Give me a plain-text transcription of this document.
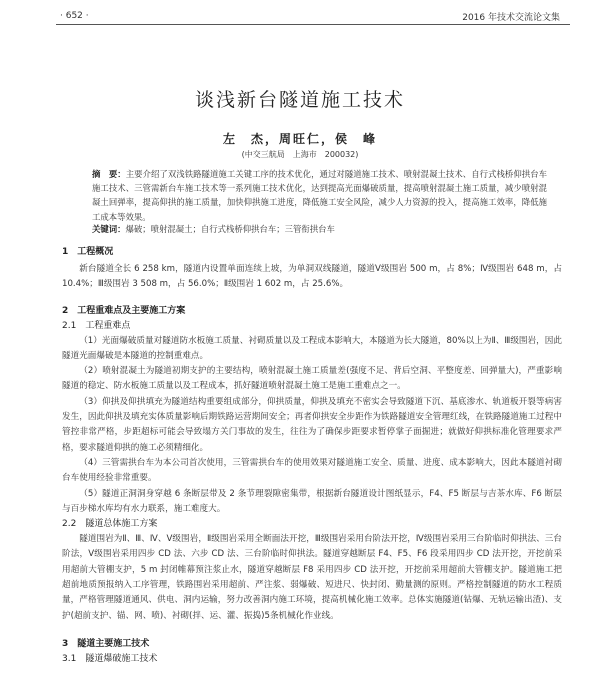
· 652 ·	2016 年技术交流论文集
谈浅新台隧道施工技术
左　杰，周旺仁，侯　峰
(中交三航局　上海市　200032)
摘　要：主要介绍了双浅铁路隧道施工关键工序的技术优化，通过对隧道施工技术、喷射混凝土技术、自行式栈桥仰拱台车施工技术、三管需新台车施工技术等一系列施工技术优化，达到提高光面爆破质量，提高喷射混凝土施工质量，减少喷射混凝土回弹率，提高仰拱的施工质量，加快仰拱施工进度，降低施工安全风险，减少人力资源的投入，提高施工效率，降低施工成本等效果。
关键词：爆破；喷射混凝土；自行式栈桥仰拱台车；三管衔拱台车
1　工程概况

新台隧道全长 6 258 km，隧道内设置单面连续上坡，为单洞双线隧道，隧道Ⅴ级围岩 500 m，占 8%；Ⅳ级围岩 648 m，占 10.4%；Ⅲ级围岩 3 508 m，占 56.0%；Ⅱ级围岩 1 602 m，占 25.6%。

2　工程重难点及主要施工方案
2.1　工程重难点

（1）光面爆破质量对隧道防水板施工质量、衬砌质量以及工程成本影响大，本隧道为长大隧道，80%以上为Ⅱ、Ⅲ级围岩，因此隧道光面爆破是本隧道的控制重难点。

（2）喷射混凝土为隧道初期支护的主要结构，喷射混凝土施工质量差(强度不足、背后空洞、平整度差、回弹量大)，严重影响隧道的稳定、防水板施工质量以及工程成本，抓好隧道喷射混凝土施工是施工重难点之一。

（3）仰拱及仰拱填充为隧道结构重要组成部分，仰拱质量，仰拱及填充不密实会导致隧道下沉、基底渗水、轨道板开裂等病害发生，因此仰拱及填充实体质量影响后期铁路运营期间安全；再者仰拱安全步距作为铁路隧道安全管理红线，在铁路隧道施工过程中管控非常严格，步距超标可能会导致塌方关门事故的发生，往往为了确保步距要求暂停掌子面掘进；就做好仰拱标准化管理要求严格，要求隧道仰拱的施工必须精细化。

（4）三管需拱台车为本公司首次使用，三管需拱台车的使用效果对隧道施工安全、质量、进度、成本影响大，因此本隧道衬砌台车使用经验非常重要。

（5）隧道正洞洞身穿越 6 条断层带及 2 条节理裂隙密集带，根据新台隧道设计图纸显示，F4、F5 断层与吉茶水库、F6 断层与百步梯水库均有水力联系，施工难度大。

2.2　隧道总体施工方案

隧道围岩为Ⅱ、Ⅲ、Ⅳ、Ⅴ级围岩，Ⅱ级围岩采用全断面法开挖，Ⅲ级围岩采用台阶法开挖，Ⅳ级围岩采用三台阶临时仰拱法、三台阶法，Ⅴ级围岩采用四步 CD 法、六步 CD 法、三台阶临时仰拱法。隧道穿越断层 F4、F5、F6 段采用四步 CD 法开挖，开挖前采用超前大管棚支护，5 m 封闭帷幕预注浆止水，隧道穿越断层 F8 采用四步 CD 法开挖，开挖前采用超前大管棚支护。隧道施工把超前地质预报纳入工序管理，铁路围岩采用超前、严注浆、弱爆破、短进尺、快封闭、勤量测的原则。严格控制隧道的防水工程质量，严格管理隧道通风、供电、洞内运输，努力改善洞内施工环境，提高机械化施工效率。总体实施隧道(钻爆、无轨运输出渣)、支护(超前支护、锚、网、喷)、衬砌(拌、运、灌、振捣)5条机械化作业线。

3　隧道主要施工技术
3.1　隧道爆破施工技术
